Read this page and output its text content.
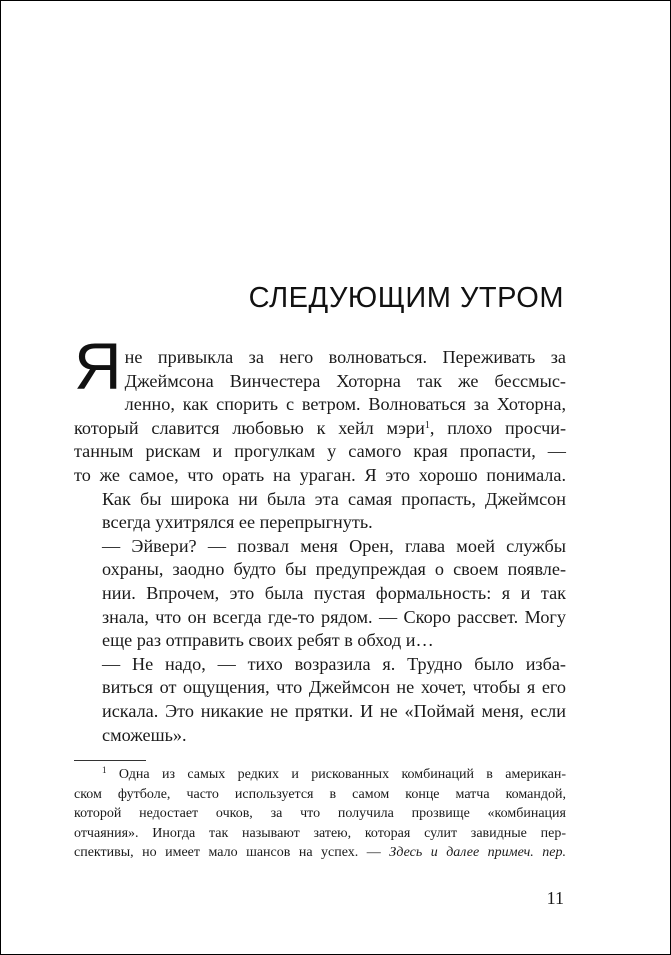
СЛЕДУЮЩИМ УТРОМ

Я не привыкла за него волноваться. Переживать за
Джеймсона Винчестера Хоторна так же бессмыс-
ленно, как спорить с ветром. Волноваться за Хоторна,
который славится любовью к хейл мэри$^1$, плохо просчи-
танным рискам и прогулкам у самого края пропасти, —
то же самое, что орать на ураган. Я это хорошо понимала.

Как бы широка ни была эта самая пропасть, Джеймсон
всегда ухитрялся ее перепрыгнуть.

— Эйвери? — позвал меня Орен, глава моей службы
охраны, заодно будто бы предупреждая о своем появле-
нии. Впрочем, это была пустая формальность: я и так
знала, что он всегда где-то рядом. — Скоро рассвет. Могу
еще раз отправить своих ребят в обход и…

— Не надо, — тихо возразила я. Трудно было изба-
виться от ощущения, что Джеймсон не хочет, чтобы я его
искала. Это никакие не прятки. И не «Поймай меня, если
сможешь».

$^1$ Одна из самых редких и рискованных комбинаций в американ-
ском футболе, часто используется в самом конце матча командой,
которой недостает очков, за что получила прозвище «комбинация
отчаяния». Иногда так называют затею, которая сулит завидные пер-
спективы, но имеет мало шансов на успех. — Здесь и далее примеч. пер.
11
